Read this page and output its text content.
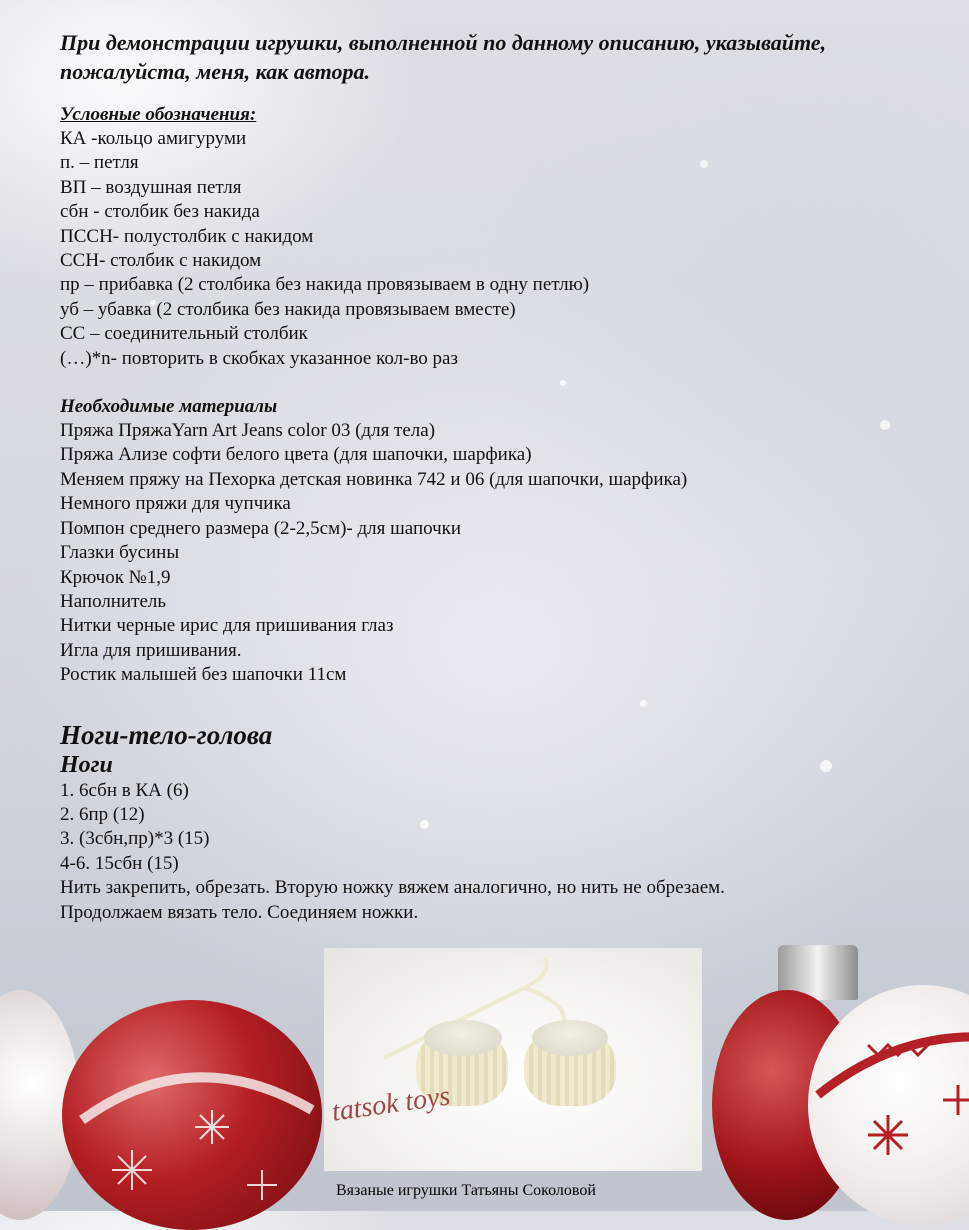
При демонстрации игрушки, выполненной по данному описанию, указывайте, пожалуйста, меня, как автора.

Условные обозначения:

КА -кольцо амигуруми
п. – петля
ВП – воздушная петля
сбн - столбик без накида
ПССН- полустолбик с накидом
ССН- столбик с накидом
пр – прибавка (2 столбика без накида провязываем в одну петлю)
уб – убавка (2 столбика без накида провязываем вместе)
СС – соединительный столбик
(…)*n- повторить в скобках указанное кол-во раз

Необходимые материалы

Пряжа ПряжаYarn Art Jeans color 03 (для тела)
Пряжа Ализе софти белого цвета (для шапочки, шарфика)
Меняем пряжу на Пехорка детская новинка 742 и 06 (для шапочки, шарфика)
Немного пряжи для чупчика
Помпон среднего размера (2-2,5см)- для шапочки
Глазки бусины
Крючок №1,9
Наполнитель
Нитки черные ирис для пришивания глаз
Игла для пришивания.
Ростик малышей без шапочки 11см

Ноги-тело-голова

Ноги

1. 6сбн в КА (6)
2. 6пр (12)
3. (3сбн,пр)*3 (15)
4-6. 15сбн (15)
Нить закрепить, обрезать. Вторую ножку вяжем аналогично, но нить не обрезаем.
Продолжаем вязать тело. Соединяем ножки.
tatsok toys
Вязаные игрушки Татьяны Соколовой
